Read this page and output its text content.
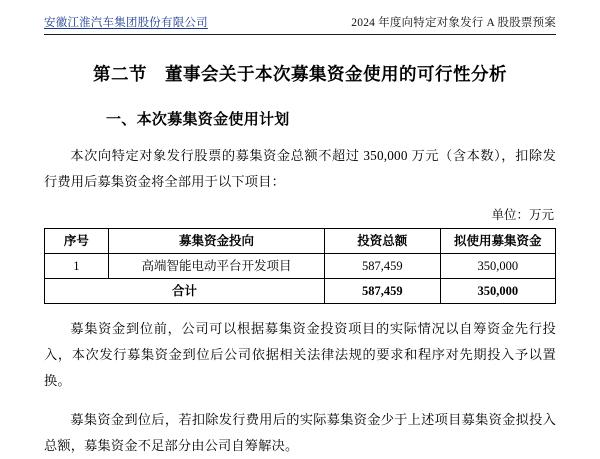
安徽江淮汽车集团股份有限公司	2024 年度向特定对象发行 A 股股票预案
第二节　董事会关于本次募集资金使用的可行性分析
一、本次募集资金使用计划

本次向特定对象发行股票的募集资金总额不超过 350,000 万元（含本数），扣除发行费用后募集资金将全部用于以下项目：

单位：万元
序号	募集资金投向	投资总额	拟使用募集资金
1	高端智能电动平台开发项目	587,459	350,000
合计		587,459	350,000

募集资金到位前，公司可以根据募集资金投资项目的实际情况以自筹资金先行投入，本次发行募集资金到位后公司依据相关法律法规的要求和程序对先期投入予以置换。

募集资金到位后，若扣除发行费用后的实际募集资金少于上述项目募集资金拟投入总额，募集资金不足部分由公司自筹解决。
